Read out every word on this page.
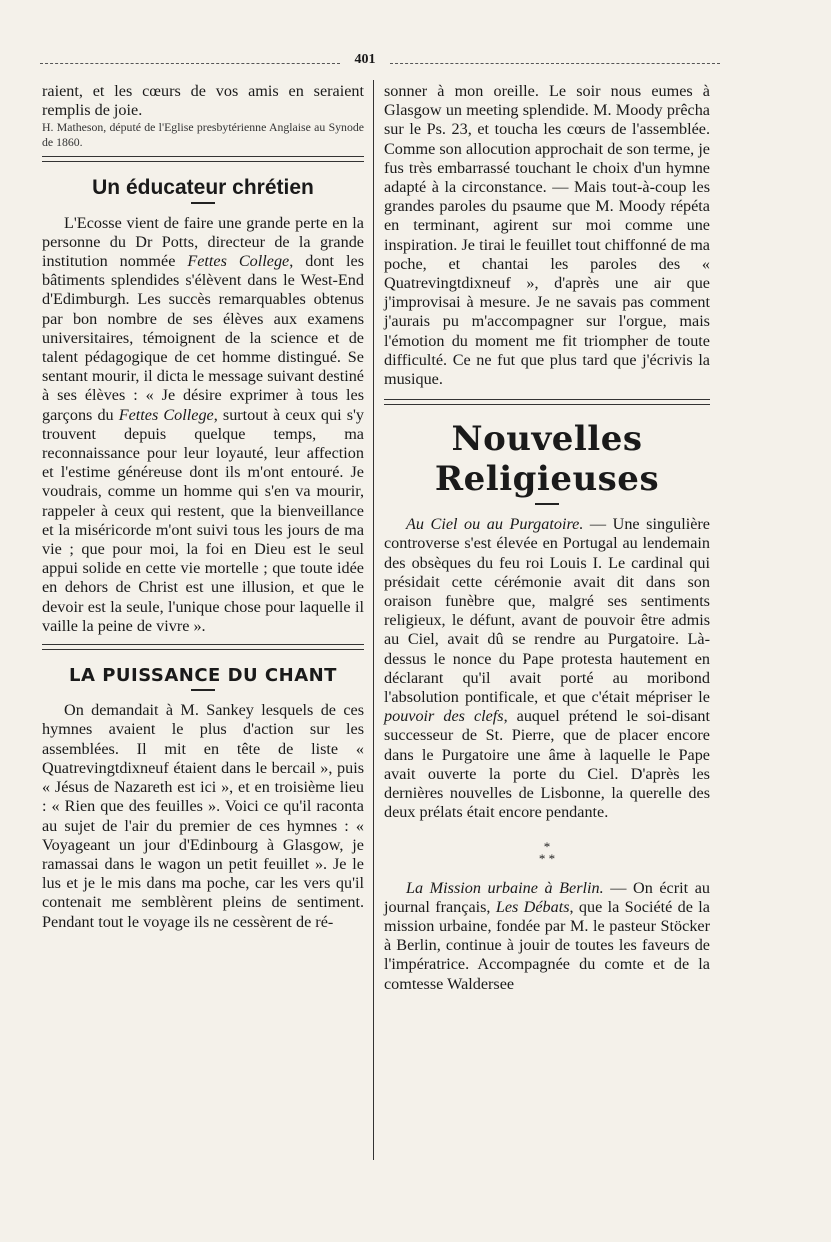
401

raient, et les cœurs de vos amis en seraient remplis de joie.

H. Matheson, député de l'Eglise presbytérienne Anglaise au Synode de 1860.

Un éducateur chrétien

L'Ecosse vient de faire une grande perte en la personne du Dr Potts, directeur de la grande institution nommée Fettes College, dont les bâtiments splendides s'élèvent dans le West-End d'Edimburgh. Les succès remarquables obtenus par bon nombre de ses élèves aux examens universitaires, témoignent de la science et de talent pédagogique de cet homme distingué. Se sentant mourir, il dicta le message suivant destiné à ses élèves : « Je désire exprimer à tous les garçons du Fettes College, surtout à ceux qui s'y trouvent depuis quelque temps, ma reconnaissance pour leur loyauté, leur affection et l'estime généreuse dont ils m'ont entouré. Je voudrais, comme un homme qui s'en va mourir, rappeler à ceux qui restent, que la bienveillance et la miséricorde m'ont suivi tous les jours de ma vie ; que pour moi, la foi en Dieu est le seul appui solide en cette vie mortelle ; que toute idée en dehors de Christ est une illusion, et que le devoir est la seule, l'unique chose pour laquelle il vaille la peine de vivre ».

LA PUISSANCE DU CHANT

On demandait à M. Sankey lesquels de ces hymnes avaient le plus d'action sur les assemblées. Il mit en tête de liste « Quatrevingtdixneuf étaient dans le bercail », puis « Jésus de Nazareth est ici », et en troisième lieu : « Rien que des feuilles ». Voici ce qu'il raconta au sujet de l'air du premier de ces hymnes : « Voyageant un jour d'Edinbourg à Glasgow, je ramassai dans le wagon un petit feuillet ». Je le lus et je le mis dans ma poche, car les vers qu'il contenait me semblèrent pleins de sentiment. Pendant tout le voyage ils ne cessèrent de ré-

sonner à mon oreille. Le soir nous eumes à Glasgow un meeting splendide. M. Moody prêcha sur le Ps. 23, et toucha les cœurs de l'assemblée. Comme son allocution approchait de son terme, je fus très embarrassé touchant le choix d'un hymne adapté à la circonstance. — Mais tout-à-coup les grandes paroles du psaume que M. Moody répéta en terminant, agirent sur moi comme une inspiration. Je tirai le feuillet tout chiffonné de ma poche, et chantai les paroles des « Quatrevingtdixneuf », d'après une air que j'improvisai à mesure. Je ne savais pas comment j'aurais pu m'accompagner sur l'orgue, mais l'émotion du moment me fit triompher de toute difficulté. Ce ne fut que plus tard que j'écrivis la musique.

Nouvelles Religieuses

Au Ciel ou au Purgatoire. — Une singulière controverse s'est élevée en Portugal au lendemain des obsèques du feu roi Louis I. Le cardinal qui présidait cette cérémonie avait dit dans son oraison funèbre que, malgré ses sentiments religieux, le défunt, avant de pouvoir être admis au Ciel, avait dû se rendre au Purgatoire. Là-dessus le nonce du Pape protesta hautement en déclarant qu'il avait porté au moribond l'absolution pontificale, et que c'était mépriser le pouvoir des clefs, auquel prétend le soi-disant successeur de St. Pierre, que de placer encore dans le Purgatoire une âme à laquelle le Pape avait ouverte la porte du Ciel. D'après les dernières nouvelles de Lisbonne, la querelle des deux prélats était encore pendante.

*
* *

La Mission urbaine à Berlin. — On écrit au journal français, Les Débats, que la Société de la mission urbaine, fondée par M. le pasteur Stöcker à Berlin, continue à jouir de toutes les faveurs de l'impératrice. Accompagnée du comte et de la comtesse Waldersee
